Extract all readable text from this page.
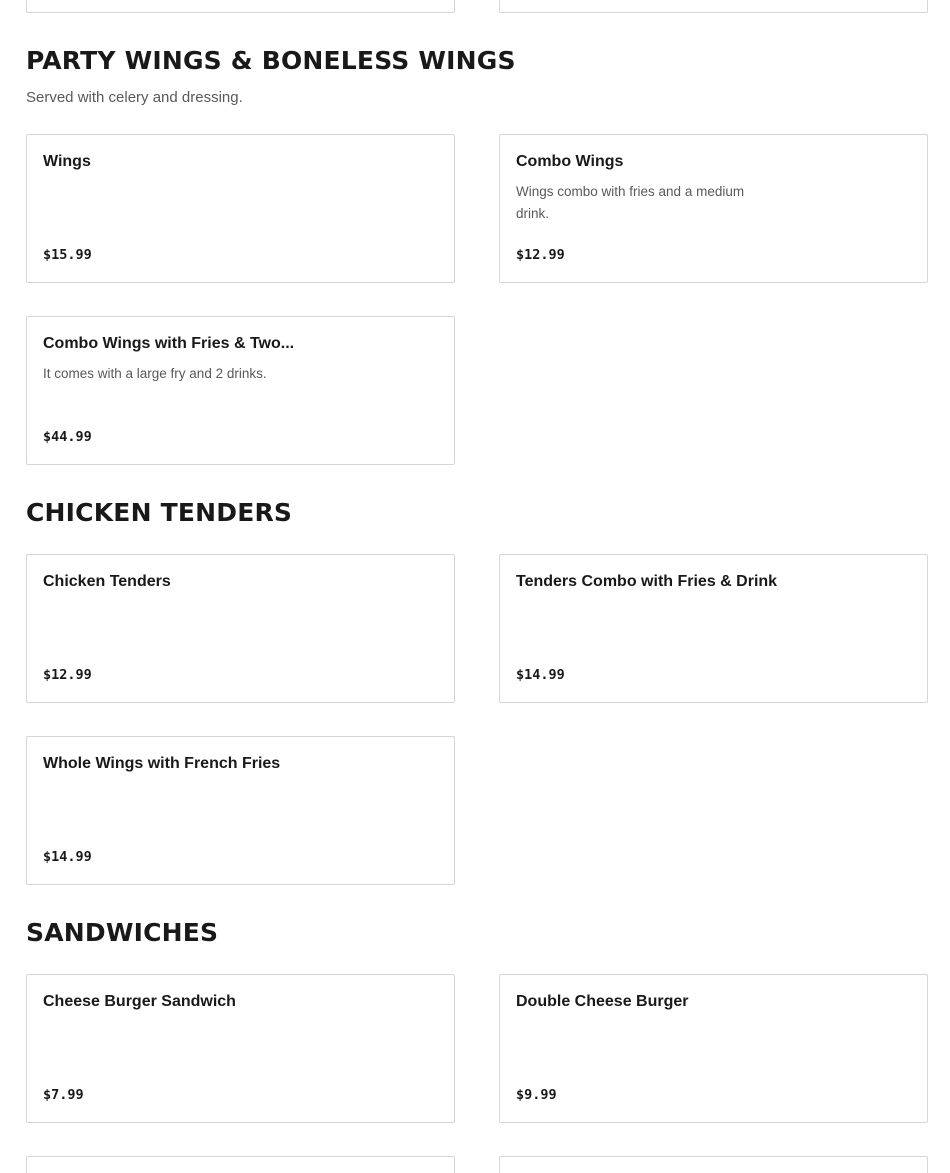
PARTY WINGS & BONELESS WINGS

Served with celery and dressing.

Wings
$15.99
Combo Wings
Wings combo with fries and a medium drink.
$12.99
Combo Wings with Fries & Two...
It comes with a large fry and 2 drinks.
$44.99
CHICKEN TENDERS
Chicken Tenders
$12.99
Tenders Combo with Fries & Drink
$14.99
Whole Wings with French Fries
$14.99
SANDWICHES
Cheese Burger Sandwich
$7.99
Double Cheese Burger
$9.99
